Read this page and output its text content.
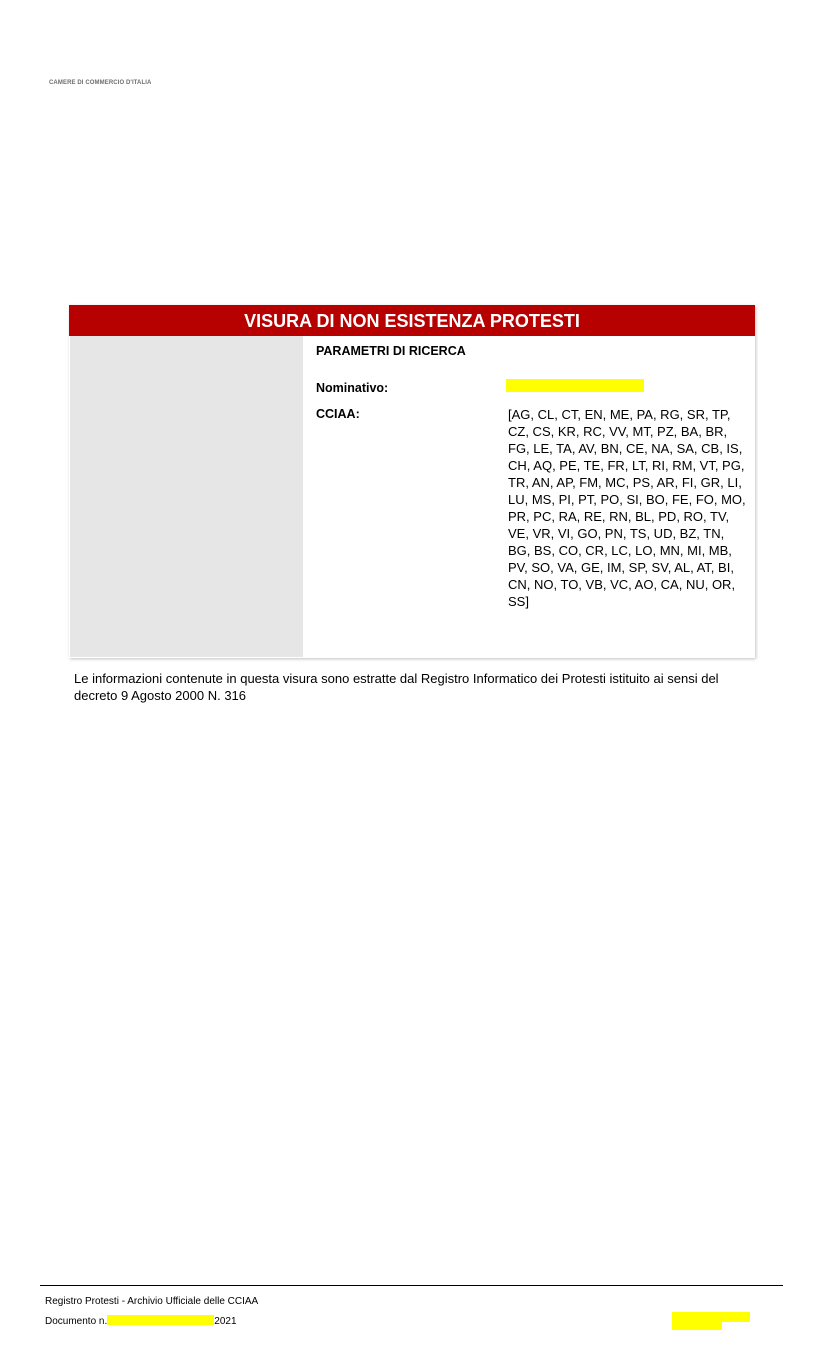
CAMERE DI COMMERCIO D'ITALIA
VISURA DI NON ESISTENZA PROTESTI
PARAMETRI DI RICERCA
Nominativo:
CCIAA:	[AG, CL, CT, EN, ME, PA, RG, SR, TP, CZ, CS, KR, RC, VV, MT, PZ, BA, BR, FG, LE, TA, AV, BN, CE, NA, SA, CB, IS, CH, AQ, PE, TE, FR, LT, RI, RM, VT, PG, TR, AN, AP, FM, MC, PS, AR, FI, GR, LI, LU, MS, PI, PT, PO, SI, BO, FE, FO, MO, PR, PC, RA, RE, RN, BL, PD, RO, TV, VE, VR, VI, GO, PN, TS, UD, BZ, TN, BG, BS, CO, CR, LC, LO, MN, MI, MB, PV, SO, VA, GE, IM, SP, SV, AL, AT, BI, CN, NO, TO, VB, VC, AO, CA, NU, OR, SS]
Le informazioni contenute in questa visura sono estratte dal Registro Informatico dei Protesti istituito ai sensi del decreto 9 Agosto 2000 N. 316
Registro Protesti - Archivio Ufficiale delle CCIAA
Documento n.	2021
